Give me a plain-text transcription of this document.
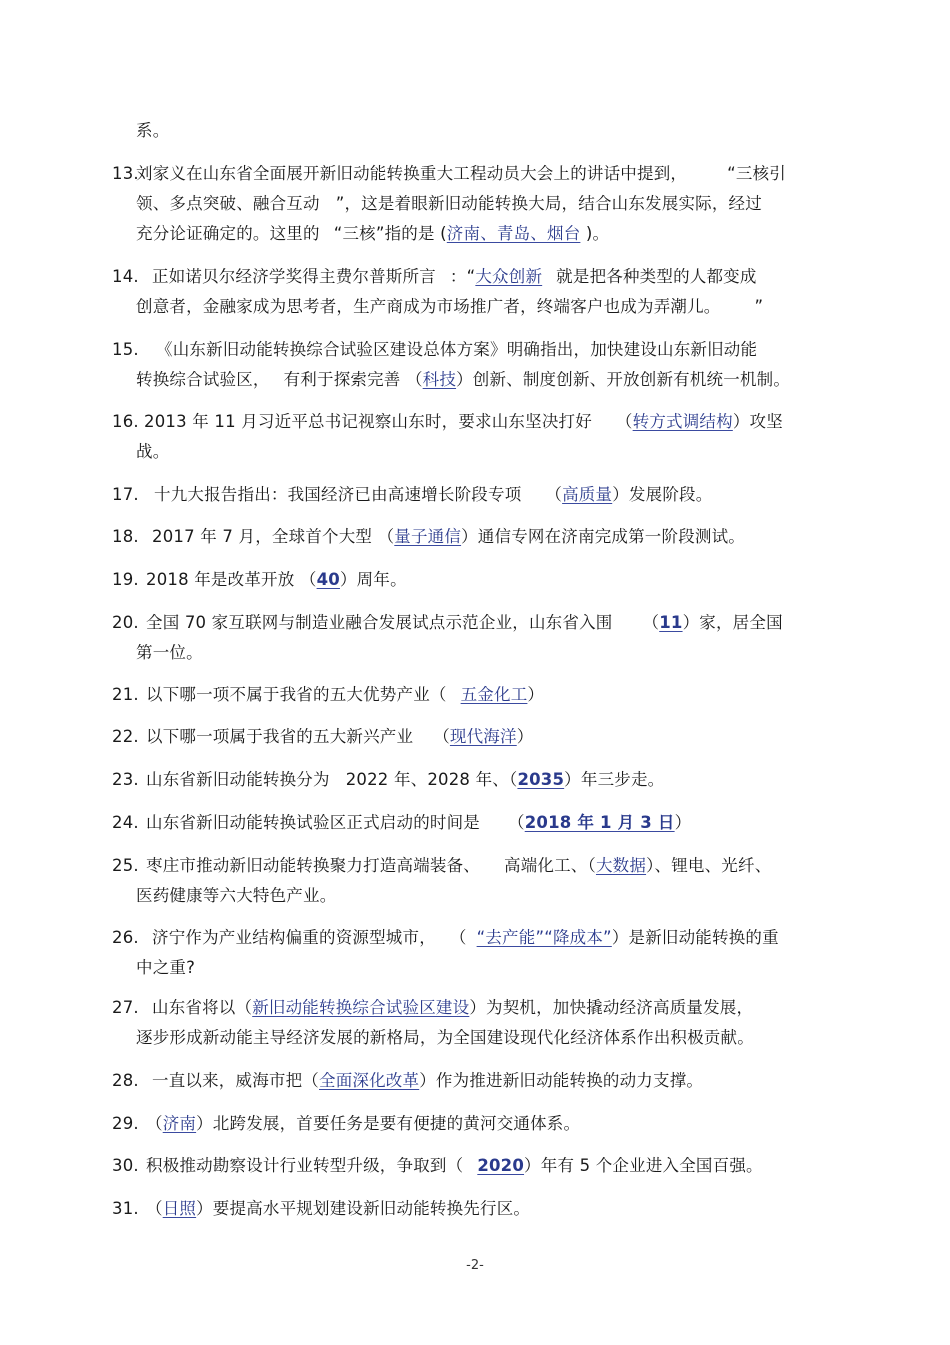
系。
13.刘家义在山东省全面展开新旧动能转换重大工程动员大会上的讲话中提到， “三核引
领、多点突破、融合互动 ”，这是着眼新旧动能转换大局，结合山东发展实际，经过
充分论证确定的。这里的 “三核”指的是 (济南、青岛、烟台 )。
14. 正如诺贝尔经济学奖得主费尔普斯所言 ：“大众创新 就是把各种类型的人都变成
创意者，金融家成为思考者，生产商成为市场推广者，终端客户也成为弄潮儿。 ”
15. 《山东新旧动能转换综合试验区建设总体方案》明确指出，加快建设山东新旧动能
转换综合试验区， 有利于探索完善 （科技）创新、制度创新、开放创新有机统一机制。
16. 2013 年 11 月习近平总书记视察山东时，要求山东坚决打好 （转方式调结构）攻坚
战。
17. 十九大报告指出：我国经济已由高速增长阶段专项 （高质量）发展阶段。
18. 2017 年 7 月，全球首个大型 （量子通信）通信专网在济南完成第一阶段测试。
19. 2018 年是改革开放 （40）周年。
20. 全国 70 家互联网与制造业融合发展试点示范企业，山东省入围 （11）家，居全国
第一位。
21. 以下哪一项不属于我省的五大优势产业（ 五金化工）
22. 以下哪一项属于我省的五大新兴产业 （现代海洋）
23. 山东省新旧动能转换分为 2022 年、2028 年、（2035）年三步走。
24. 山东省新旧动能转换试验区正式启动的时间是 （2018 年 1 月 3 日）
25. 枣庄市推动新旧动能转换聚力打造高端装备、 高端化工、（大数据）、锂电、光纤、
医药健康等六大特色产业。
26. 济宁作为产业结构偏重的资源型城市， （ “去产能”“降成本”）是新旧动能转换的重
中之重?
27. 山东省将以（新旧动能转换综合试验区建设）为契机，加快撬动经济高质量发展，
逐步形成新动能主导经济发展的新格局，为全国建设现代化经济体系作出积极贡献。
28. 一直以来，威海市把（全面深化改革）作为推进新旧动能转换的动力支撑。
29. （济南）北跨发展，首要任务是要有便捷的黄河交通体系。
30. 积极推动勘察设计行业转型升级，争取到（ 2020）年有 5 个企业进入全国百强。
31. （日照）要提高水平规划建设新旧动能转换先行区。
-2-
